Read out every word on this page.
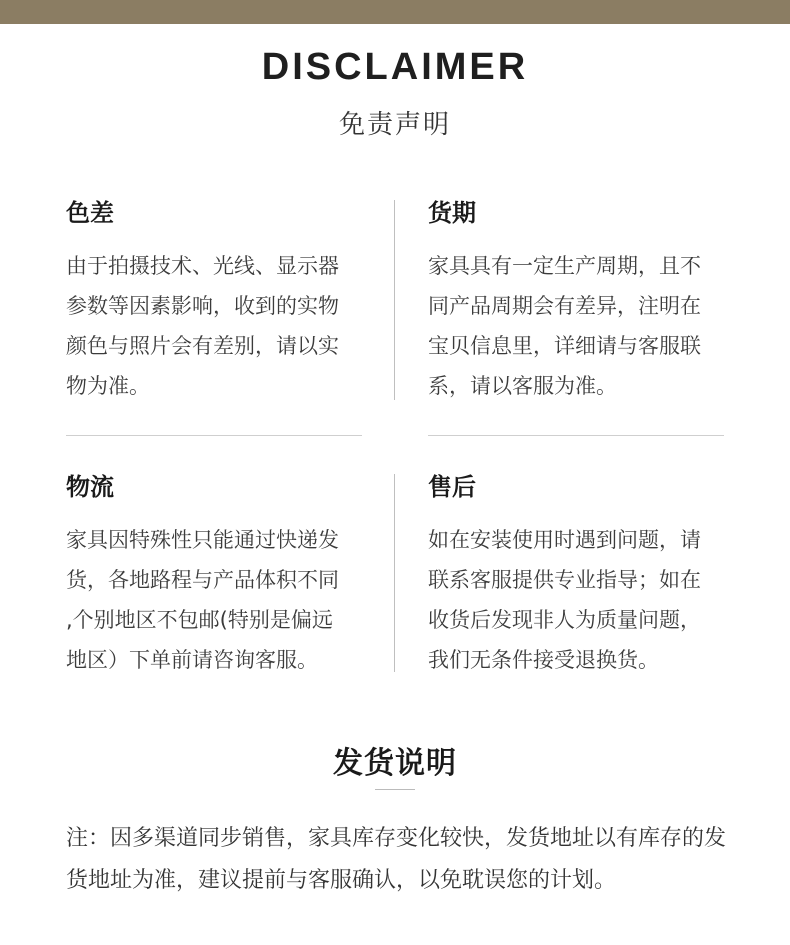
DISCLAIMER
免责声明
色差

由于拍摄技术、光线、显示器
参数等因素影响，收到的实物
颜色与照片会有差别，请以实
物为准。

货期

家具具有一定生产周期，且不
同产品周期会有差异，注明在
宝贝信息里，详细请与客服联
系，请以客服为准。

物流

家具因特殊性只能通过快递发
货，各地路程与产品体积不同
,个别地区不包邮(特别是偏远
地区）下单前请咨询客服。

售后

如在安装使用时遇到问题，请
联系客服提供专业指导；如在
收货后发现非人为质量问题，
我们无条件接受退换货。

发货说明

注：因多渠道同步销售，家具库存变化较快，发货地址以有库存的发货地址为准，建议提前与客服确认，以免耽误您的计划。
